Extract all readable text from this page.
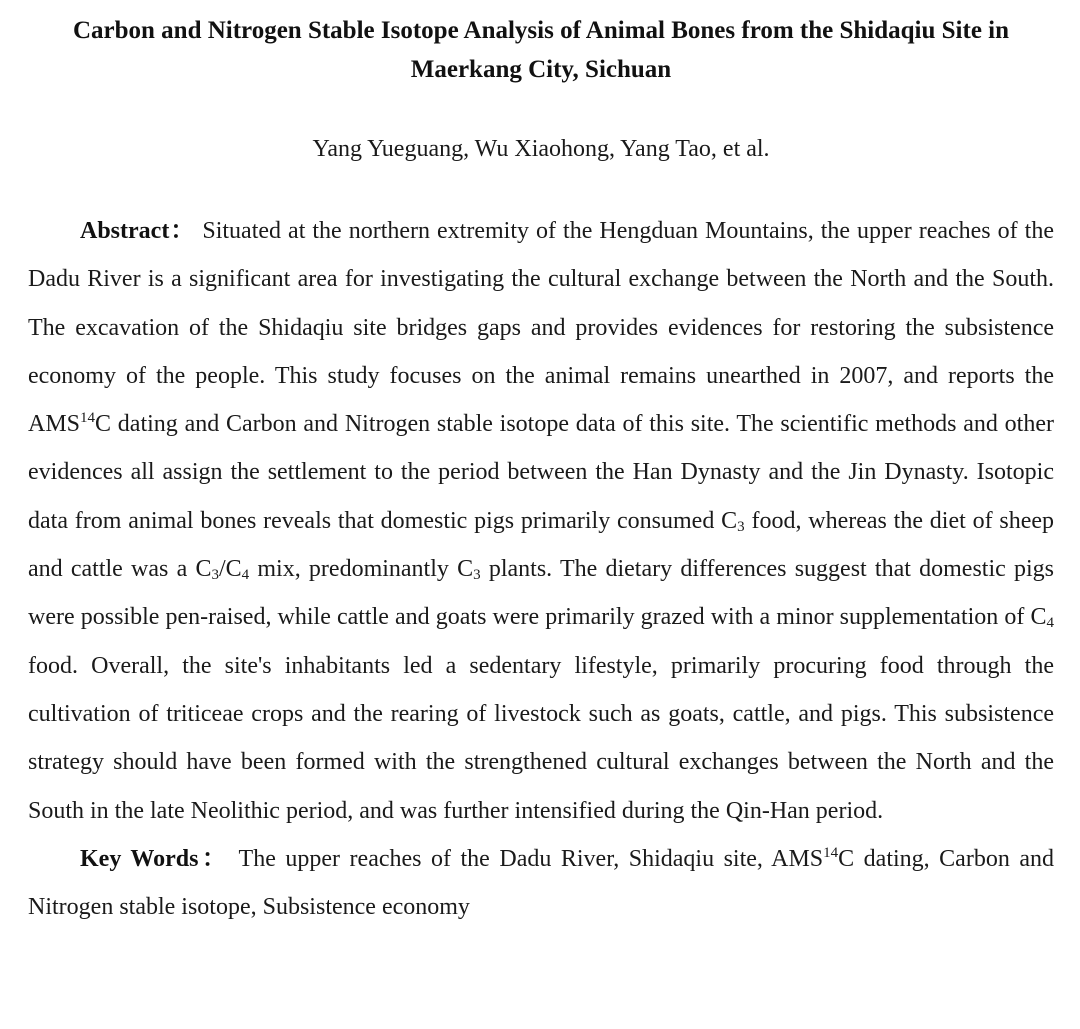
Carbon and Nitrogen Stable Isotope Analysis of Animal Bones from the Shidaqiu Site in Maerkang City, Sichuan

Yang Yueguang, Wu Xiaohong, Yang Tao, et al.

Abstract： Situated at the northern extremity of the Hengduan Mountains, the upper reaches of the Dadu River is a significant area for investigating the cultural exchange between the North and the South. The excavation of the Shidaqiu site bridges gaps and provides evidences for restoring the subsistence economy of the people. This study focuses on the animal remains unearthed in 2007, and reports the AMS$^{14}$C dating and Carbon and Nitrogen stable isotope data of this site. The scientific methods and other evidences all assign the settlement to the period between the Han Dynasty and the Jin Dynasty. Isotopic data from animal bones reveals that domestic pigs primarily consumed $C_3$ food, whereas the diet of sheep and cattle was a $C_3/C_4$ mix, predominantly $C_3$ plants. The dietary differences suggest that domestic pigs were possible pen-raised, while cattle and goats were primarily grazed with a minor supplementation of $C_4$ food. Overall, the site's inhabitants led a sedentary lifestyle, primarily procuring food through the cultivation of triticeae crops and the rearing of livestock such as goats, cattle, and pigs. This subsistence strategy should have been formed with the strengthened cultural exchanges between the North and the South in the late Neolithic period, and was further intensified during the Qin-Han period.

Key Words： The upper reaches of the Dadu River, Shidaqiu site, AMS$^{14}$C dating, Carbon and Nitrogen stable isotope, Subsistence economy
